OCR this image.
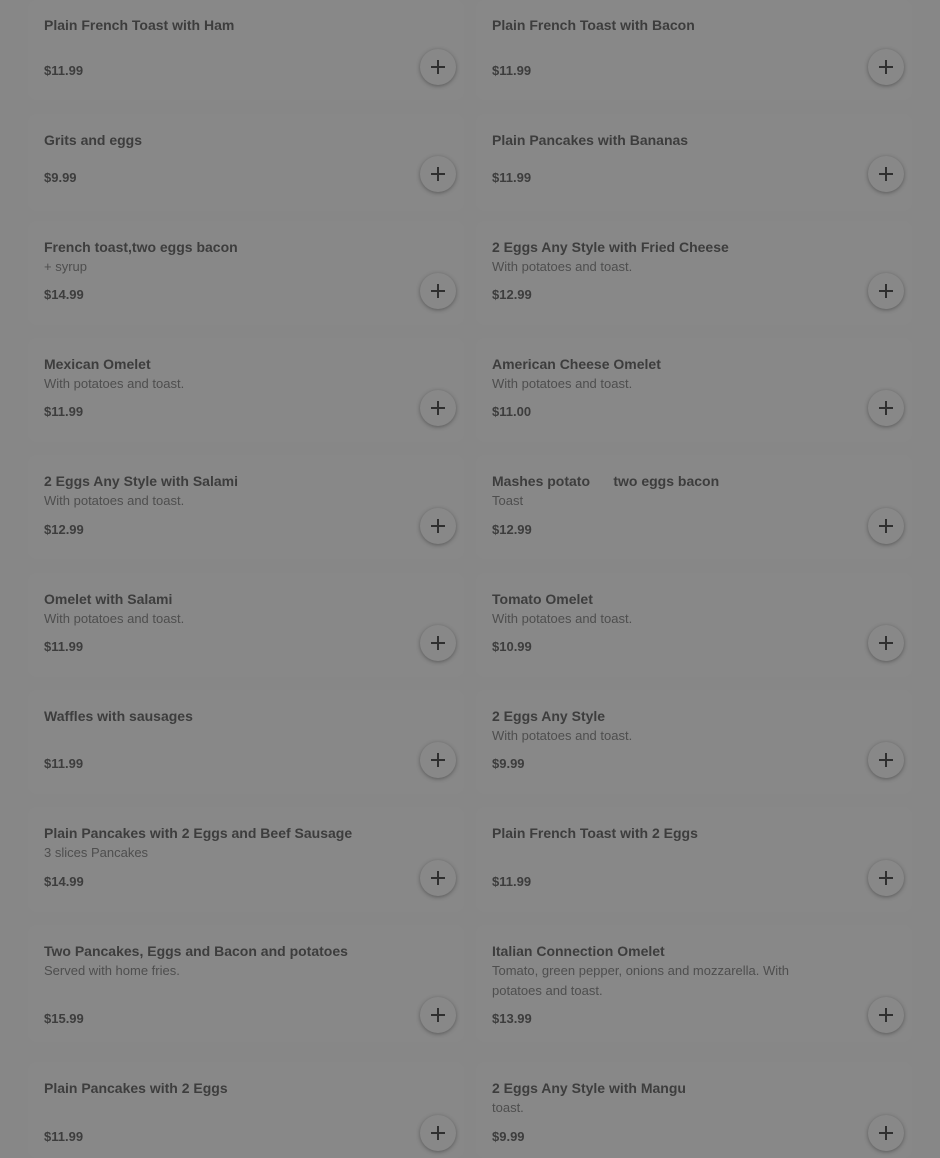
Plain French Toast with Ham
$11.99
Plain French Toast with Bacon
$11.99
Grits and eggs
$9.99
Plain Pancakes with Bananas
$11.99
French toast,two eggs bacon
+ syrup
$14.99
2 Eggs Any Style with Fried Cheese
With potatoes and toast.
$12.99
Mexican Omelet
With potatoes and toast.
$11.99
American Cheese Omelet
With potatoes and toast.
$11.00
2 Eggs Any Style with Salami
With potatoes and toast.
$12.99
Mashes potato      two eggs bacon
Toast
$12.99
Omelet with Salami
With potatoes and toast.
$11.99
Tomato Omelet
With potatoes and toast.
$10.99
Waffles with sausages
$11.99
2 Eggs Any Style
With potatoes and toast.
$9.99
Plain Pancakes with 2 Eggs and Beef Sausage
3 slices Pancakes
$14.99
Plain French Toast with 2 Eggs
$11.99
Two Pancakes, Eggs and Bacon and potatoes
Served with home fries.
$15.99
Italian Connection Omelet
Tomato, green pepper, onions and mozzarella. With potatoes and toast.
$13.99
Plain Pancakes with 2 Eggs
$11.99
2 Eggs Any Style with Mangu
toast.
$9.99
